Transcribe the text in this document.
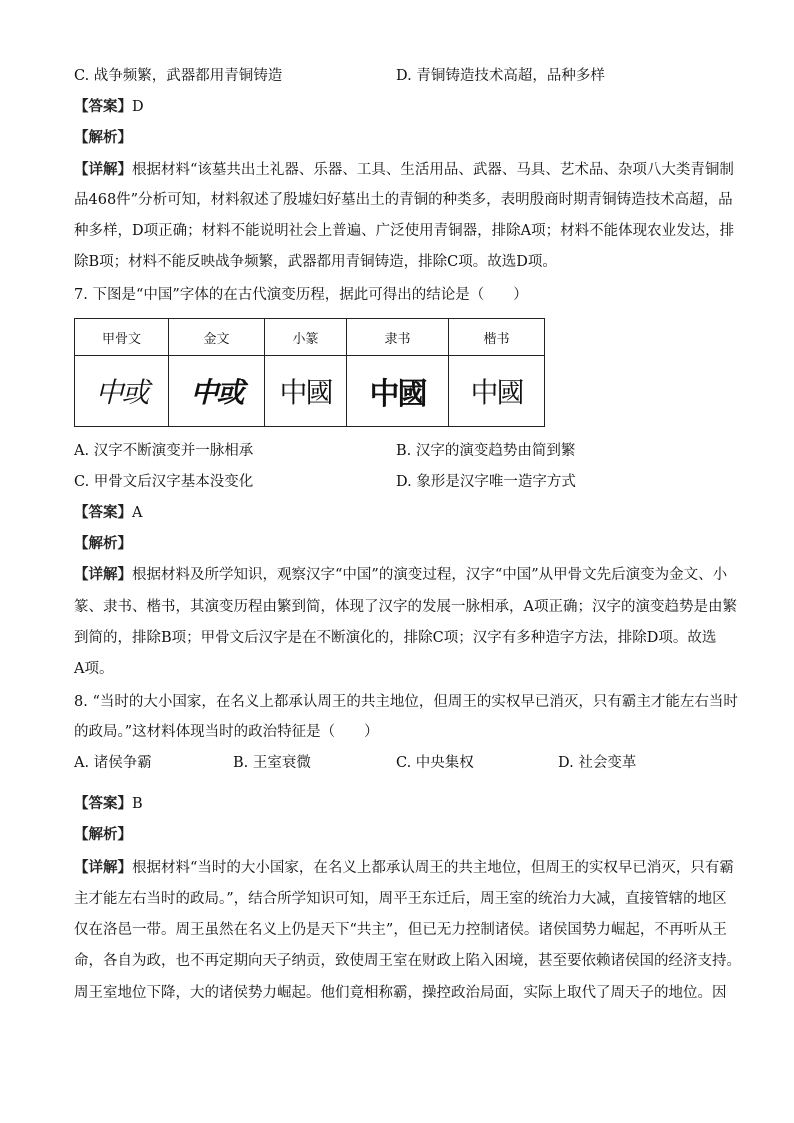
C. 战争频繁，武器都用青铜铸造	D. 青铜铸造技术高超，品种多样
【答案】D
【解析】
【详解】根据材料“该墓共出土礼器、乐器、工具、生活用品、武器、马具、艺术品、杂项八大类青铜制
品468件”分析可知，材料叙述了殷墟妇好墓出土的青铜的种类多，表明殷商时期青铜铸造技术高超，品
种多样，D项正确；材料不能说明社会上普遍、广泛使用青铜器，排除A项；材料不能体现农业发达，排
除B项；材料不能反映战争频繁，武器都用青铜铸造，排除C项。故选D项。
7. 下图是“中国”字体的在古代演变历程，据此可得出的结论是（　　）
甲骨文	金文	小篆	隶书	楷书
中或	中或	中國	中國	中國
A. 汉字不断演变并一脉相承	B. 汉字的演变趋势由简到繁
C. 甲骨文后汉字基本没变化	D. 象形是汉字唯一造字方式
【答案】A
【解析】
【详解】根据材料及所学知识，观察汉字“中国”的演变过程，汉字“中国”从甲骨文先后演变为金文、小
篆、隶书、楷书，其演变历程由繁到简，体现了汉字的发展一脉相承，A项正确；汉字的演变趋势是由繁
到简的，排除B项；甲骨文后汉字是在不断演化的，排除C项；汉字有多种造字方法，排除D项。故选
A项。
8. “当时的大小国家，在名义上都承认周王的共主地位，但周王的实权早已消灭，只有霸主才能左右当时
的政局。”这材料体现当时的政治特征是（　　）
A. 诸侯争霸	B. 王室衰微	C. 中央集权	D. 社会变革
【答案】B
【解析】
【详解】根据材料“当时的大小国家，在名义上都承认周王的共主地位，但周王的实权早已消灭，只有霸
主才能左右当时的政局。”，结合所学知识可知，周平王东迁后，周王室的统治力大减，直接管辖的地区
仅在洛邑一带。周王虽然在名义上仍是天下“共主”，但已无力控制诸侯。诸侯国势力崛起，不再听从王
命，各自为政，也不再定期向天子纳贡，致使周王室在财政上陷入困境，甚至要依赖诸侯国的经济支持。
周王室地位下降，大的诸侯势力崛起。他们竟相称霸，操控政治局面，实际上取代了周天子的地位。因
